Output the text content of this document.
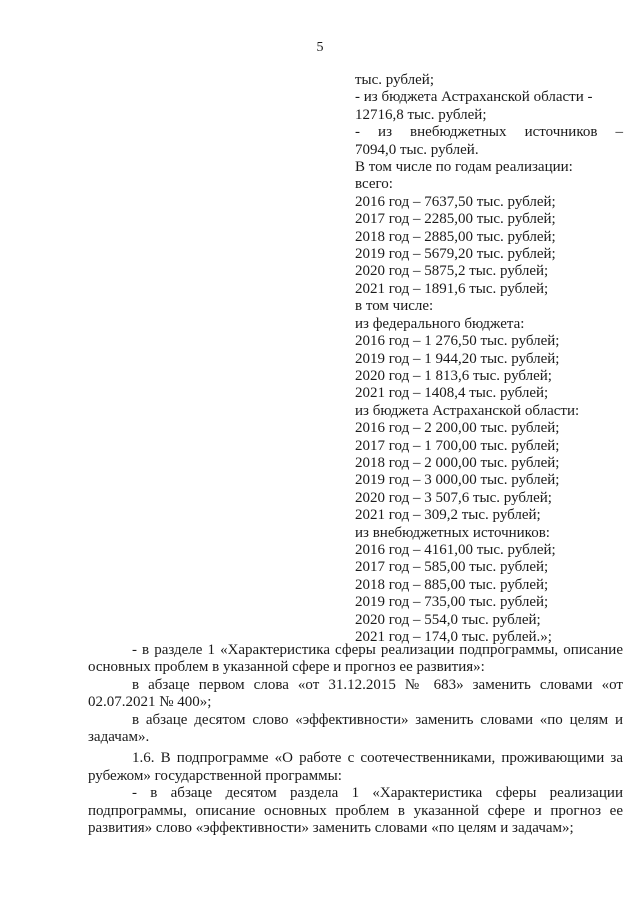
5
тыс. рублей;
- из бюджета Астраханской области -
12716,8 тыс. рублей;
- из внебюджетных источников –
7094,0 тыс. рублей.
В том числе по годам реализации:
всего:
2016 год – 7637,50 тыс. рублей;
2017 год – 2285,00 тыс. рублей;
2018 год – 2885,00 тыс. рублей;
2019 год – 5679,20 тыс. рублей;
2020 год – 5875,2 тыс. рублей;
2021 год – 1891,6 тыс. рублей;
в том числе:
из федерального бюджета:
2016 год – 1 276,50 тыс. рублей;
2019 год – 1 944,20 тыс. рублей;
2020 год – 1 813,6 тыс. рублей;
2021 год – 1408,4 тыс. рублей;
из бюджета Астраханской области:
2016 год – 2 200,00 тыс. рублей;
2017 год – 1 700,00 тыс. рублей;
2018 год – 2 000,00 тыс. рублей;
2019 год – 3 000,00 тыс. рублей;
2020 год – 3 507,6 тыс. рублей;
2021 год – 309,2 тыс. рублей;
из внебюджетных источников:
2016 год – 4161,00 тыс. рублей;
2017 год – 585,00 тыс. рублей;
2018 год – 885,00 тыс. рублей;
2019 год – 735,00 тыс. рублей;
2020 год – 554,0 тыс. рублей;
2021 год – 174,0 тыс. рублей.»;

- в разделе 1 «Характеристика сферы реализации подпрограммы, описание основных проблем в указанной сфере и прогноз ее развития»:

в абзаце первом слова «от 31.12.2015 № 683» заменить словами «от 02.07.2021 № 400»;

в абзаце десятом слово «эффективности» заменить словами «по целям и задачам».

1.6. В подпрограмме «О работе с соотечественниками, проживающими за рубежом» государственной программы:

- в абзаце десятом раздела 1 «Характеристика сферы реализации подпрограммы, описание основных проблем в указанной сфере и прогноз ее развития» слово «эффективности» заменить словами «по целям и задачам»;
